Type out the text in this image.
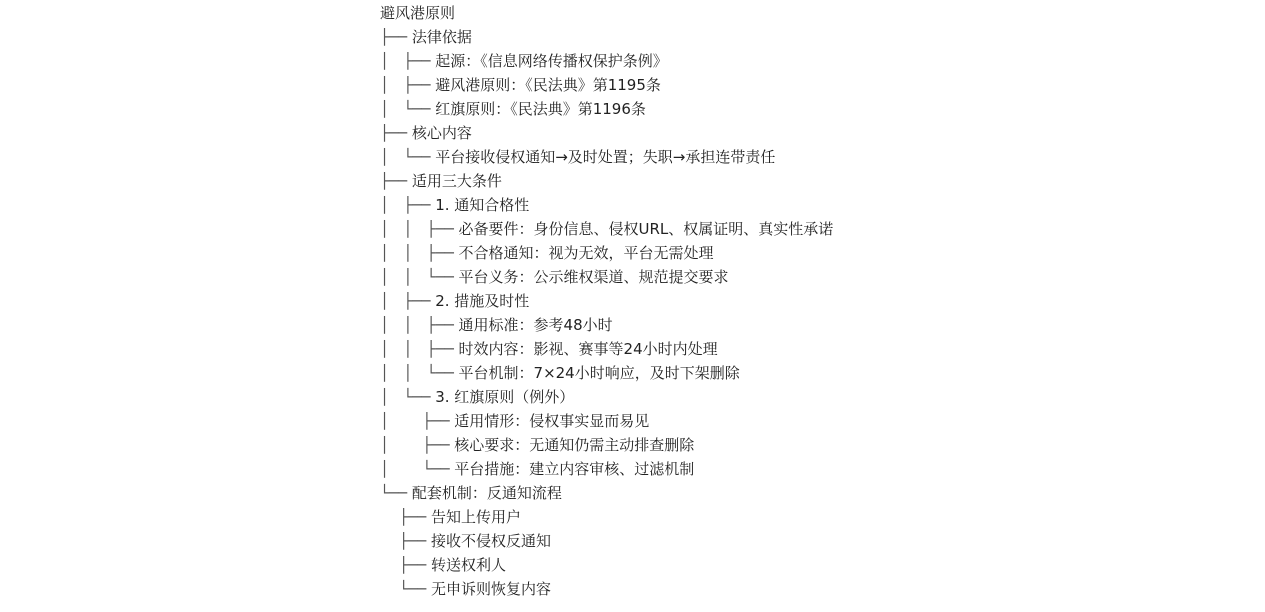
避风港原则
├── 法律依据
│   ├── 起源：《信息网络传播权保护条例》
│   ├── 避风港原则：《民法典》第1195条
│   └── 红旗原则：《民法典》第1196条
├── 核心内容
│   └── 平台接收侵权通知→及时处置；失职→承担连带责任
├── 适用三大条件
│   ├── 1. 通知合格性
│   │   ├── 必备要件：身份信息、侵权URL、权属证明、真实性承诺
│   │   ├── 不合格通知：视为无效，平台无需处理
│   │   └── 平台义务：公示维权渠道、规范提交要求
│   ├── 2. 措施及时性
│   │   ├── 通用标准：参考48小时
│   │   ├── 时效内容：影视、赛事等24小时内处理
│   │   └── 平台机制：7×24小时响应，及时下架删除
│   └── 3. 红旗原则（例外）
│       ├── 适用情形：侵权事实显而易见
│       ├── 核心要求：无通知仍需主动排查删除
│       └── 平台措施：建立内容审核、过滤机制
└── 配套机制：反通知流程
├── 告知上传用户
├── 接收不侵权反通知
├── 转送权利人
└── 无申诉则恢复内容
